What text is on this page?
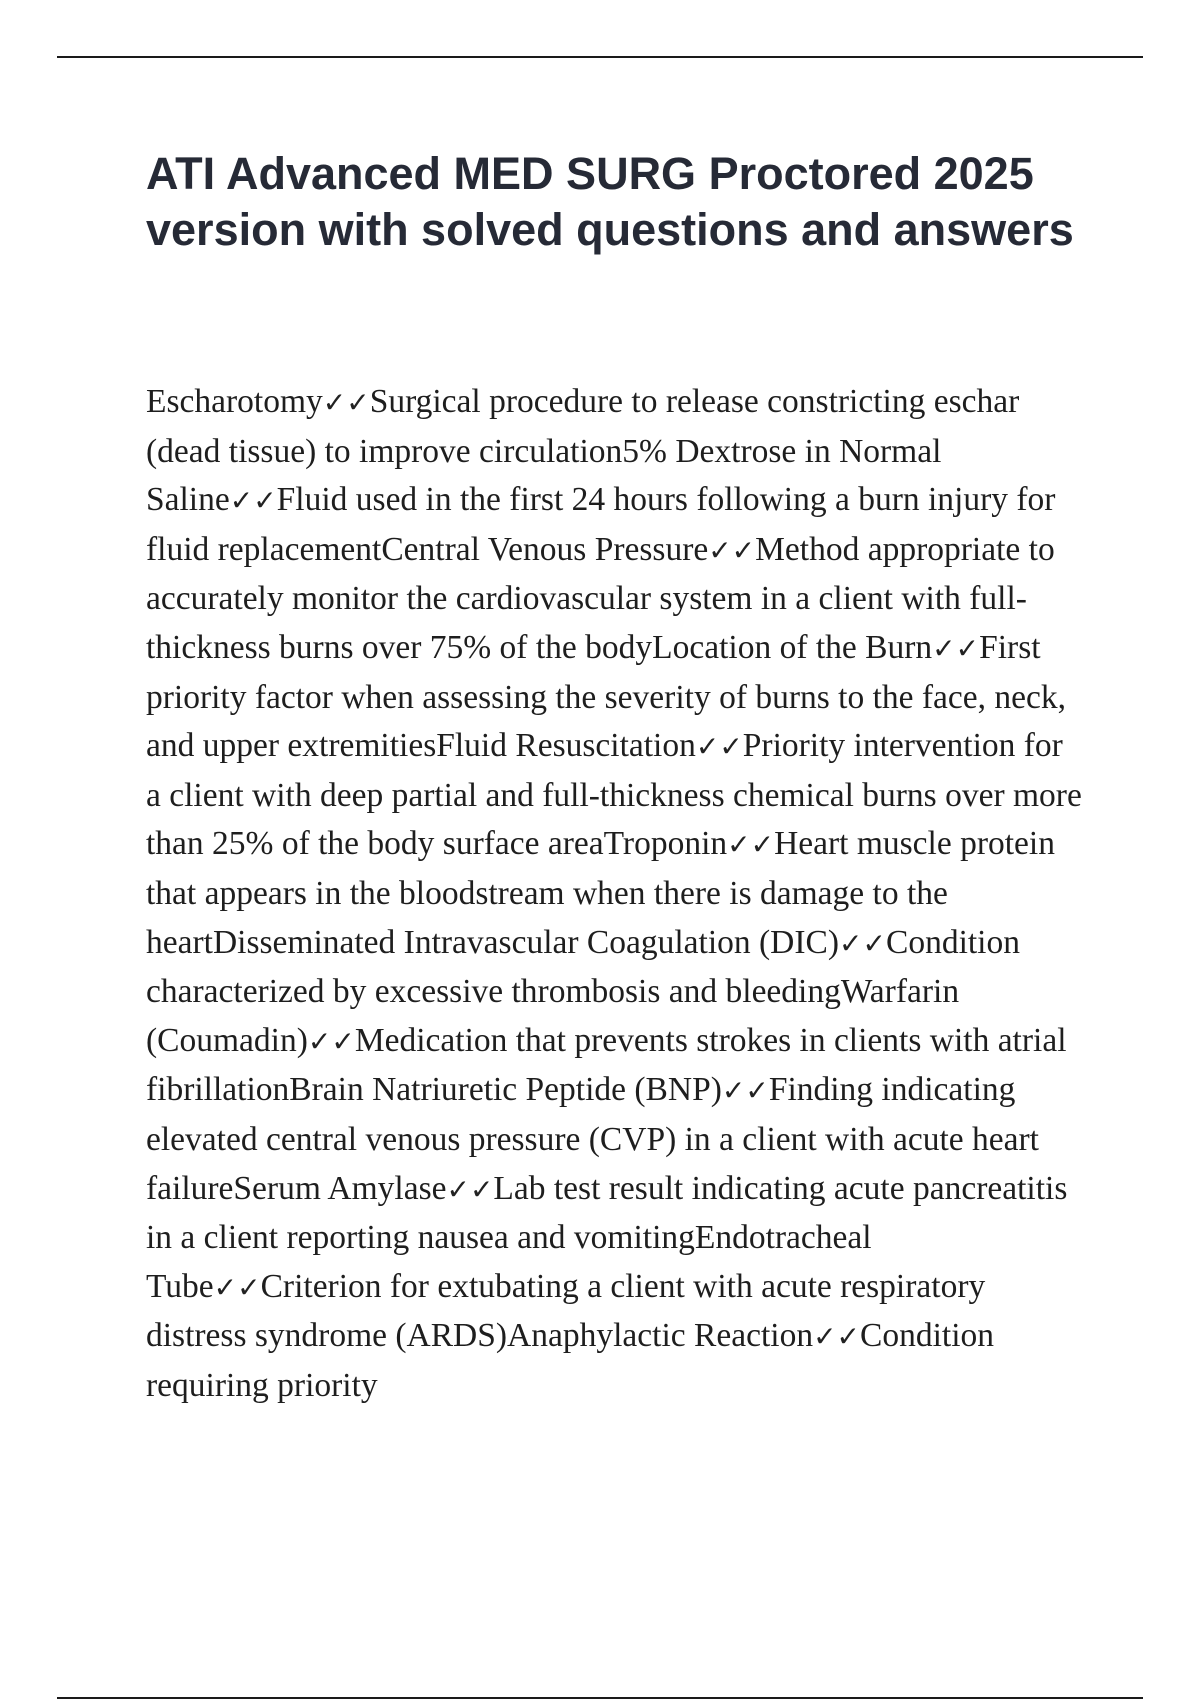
ATI Advanced MED SURG Proctored 2025 version with solved questions and answers

Escharotomy✓✓Surgical procedure to release constricting eschar (dead tissue) to improve circulation5% Dextrose in Normal Saline✓✓Fluid used in the first 24 hours following a burn injury for fluid replacementCentral Venous Pressure✓✓Method appropriate to accurately monitor the cardiovascular system in a client with full-thickness burns over 75% of the bodyLocation of the Burn✓✓First priority factor when assessing the severity of burns to the face, neck, and upper extremitiesFluid Resuscitation✓✓Priority intervention for a client with deep partial and full-thickness chemical burns over more than 25% of the body surface areaTroponin✓✓Heart muscle protein that appears in the bloodstream when there is damage to the heartDisseminated Intravascular Coagulation (DIC)✓✓Condition characterized by excessive thrombosis and bleedingWarfarin (Coumadin)✓✓Medication that prevents strokes in clients with atrial fibrillationBrain Natriuretic Peptide (BNP)✓✓Finding indicating elevated central venous pressure (CVP) in a client with acute heart failureSerum Amylase✓✓Lab test result indicating acute pancreatitis in a client reporting nausea and vomitingEndotracheal Tube✓✓Criterion for extubating a client with acute respiratory distress syndrome (ARDS)Anaphylactic Reaction✓✓Condition requiring priority
